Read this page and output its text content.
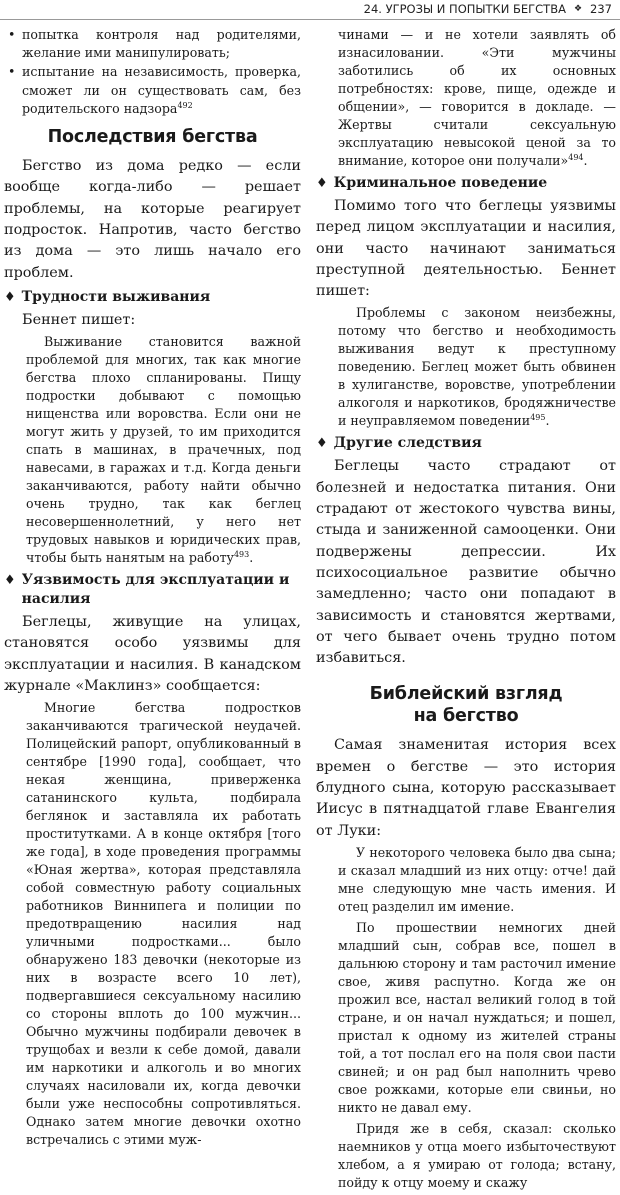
24. УГРОЗЫ И ПОПЫТКИ БЕГСТВА ❖ 237
• попытка контроля над родителями, желание ими манипулировать;
• испытание на независимость, проверка, сможет ли он существовать сам, без родительского надзора$^{492}$
Последствия бегства

Бегство из дома редко — если вообще когда-либо — решает проблемы, на которые реагирует подросток. Напротив, часто бегство из дома — это лишь начало его проблем.

♦ Трудности выживания

Беннет пишет:

Выживание становится важной проблемой для многих, так как многие бегства плохо спланированы. Пищу подростки добывают с помощью нищенства или воровства. Если они не могут жить у друзей, то им приходится спать в машинах, в прачечных, под навесами, в гаражах и т.д. Когда деньги заканчиваются, работу найти обычно очень трудно, так как беглец несовершеннолетний, у него нет трудовых навыков и юридических прав, чтобы быть нанятым на работу$^{493}$.

♦ Уязвимость для эксплуатации и насилия

Беглецы, живущие на улицах, становятся особо уязвимы для эксплуатации и насилия. В канадском журнале «Маклинз» сообщается:

Многие бегства подростков заканчиваются трагической неудачей. Полицейский рапорт, опубликованный в сентябре [1990 года], сообщает, что некая женщина, приверженка сатанинского культа, подбирала беглянок и заставляла их работать проститутками. А в конце октября [тогo же года], в ходе проведения программы «Юная жертва», которая представляла собой совместную работу социальных работников Виннипега и полиции по предотвращению насилия над уличными подростками... было обнаружено 183 девочки (некоторые из них в возрасте всего 10 лет), подвергавшиеся сексуальному насилию со стороны вплоть до 100 мужчин... Обычно мужчины подбирали девочек в трущобах и везли к себе домой, давали им наркотики и алкоголь и во многих случаях насиловали их, когда девочки были уже неспособны сопротивляться. Однако затем многие девочки охотно встречались с этими муж-

чинами — и не хотели заявлять об изнасиловании. «Эти мужчины заботились об их основных потребностях: крове, пище, одежде и общении», — говорится в докладе. — Жертвы считали сексуальную эксплуатацию невысокой ценой за то внимание, которое они получали»$^{494}$.

♦ Криминальное поведение

Помимо того что беглецы уязвимы перед лицом эксплуатации и насилия, они часто начинают заниматься преступной деятельностью. Беннет пишет:

Проблемы с законом неизбежны, потому что бегство и необходимость выживания ведут к преступному поведению. Беглец может быть обвинен в хулиганстве, воровстве, употреблении алкоголя и наркотиков, бродяжничестве и неуправляемом поведении$^{495}$.

♦ Другие следствия

Беглецы часто страдают от болезней и недостатка питания. Они страдают от жестокого чувства вины, стыда и заниженной самооценки. Они подвержены депрессии. Их психосоциальное развитие обычно замедленно; часто они попадают в зависимость и становятся жертвами, от чего бывает очень трудно потом избавиться.

Библейский взгляд
на бегство

Самая знаменитая история всех времен о бегстве — это история блудного сына, которую рассказывает Иисус в пятнадцатой главе Евангелия от Луки:

У некоторого человека было два сына; и сказал младший из них отцу: отче! дай мне следующую мне часть имения. И отец разделил им имение.

По прошествии немногих дней младший сын, собрав все, пошел в дальнюю сторону и там расточил имение свое, живя распутно. Когда же он прожил все, настал великий голод в той стране, и он начал нуждаться; и пошел, пристал к одному из жителей страны той, а тот послал его на поля свои пасти свиней; и он рад был наполнить чрево свое рожками, которые ели свиньи, но никто не давал ему.

Придя же в себя, сказал: сколько наемников у отца моего избыточествуют хлебом, а я умираю от голода; встану, пойду к отцу моему и скажу
